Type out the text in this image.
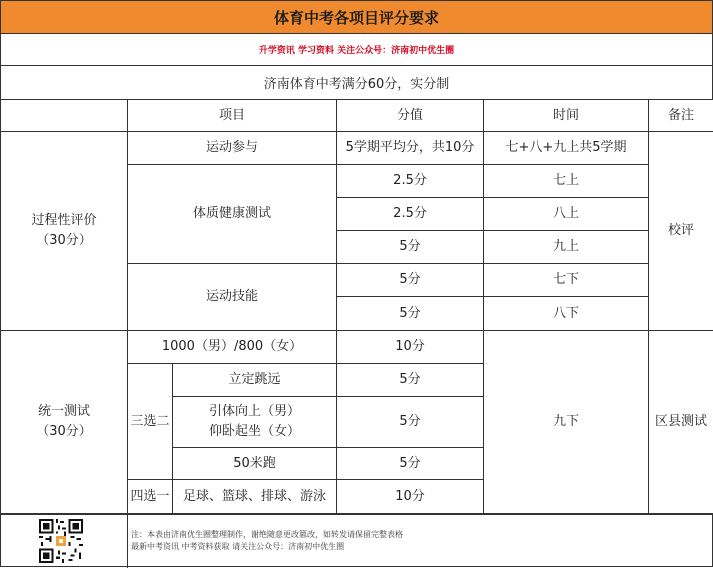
体育中考各项目评分要求
升学资讯 学习资料 关注公众号：济南初中优生圈
济南体育中考满分60分，实分制
	项目		分值	时间	备注

过程性评价
（30分）	运动参与		5学期平均分，共10分	七+八+九上共5学期	校评
	体质健康测试		2.5分	七上	
			2.5分	八上	
			5分	九上	
	运动技能		5分	七下	
			5分	八下	

统一测试
（30分）	1000（男）/800（女）		10分	九下	区县测试
	三选二	立定跳远	5分		

		引体向上（男）
仰卧起坐（女）	5分		
		50米跑	5分		
	四选一	足球、篮球、排球、游泳	10分		
注：本表由济南优生圈整理制作，谢绝随意更改篡改，如转发请保留完整表格
最新中考资讯 中考资料获取 请关注公众号：济南初中优生圈
